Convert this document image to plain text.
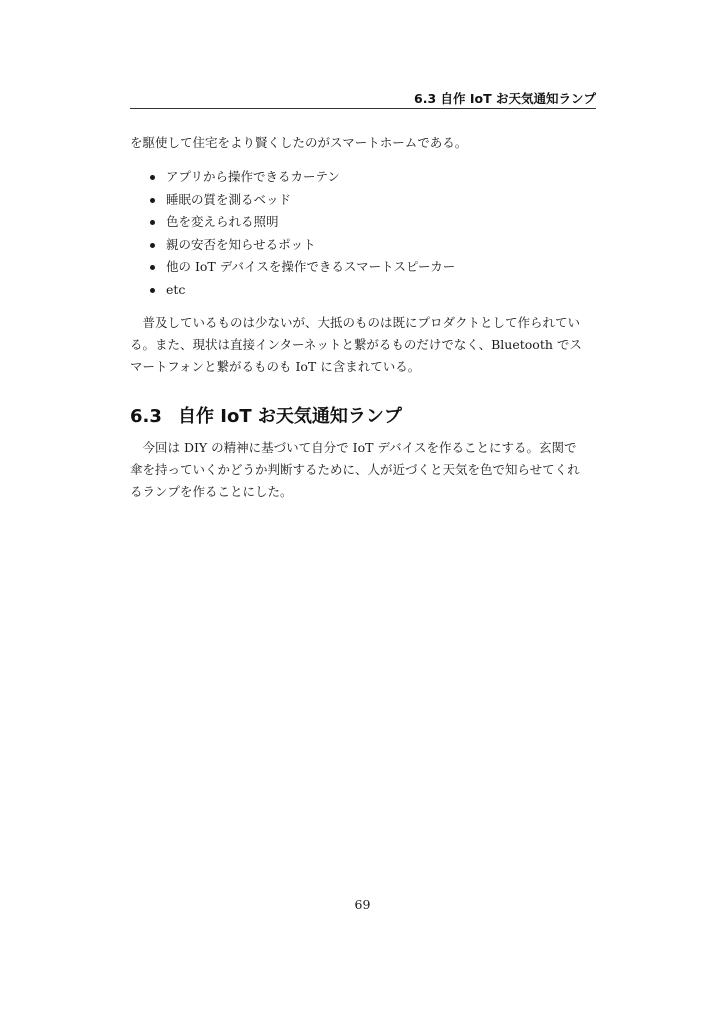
6.3 自作 IoT お天気通知ランプ

を駆使して住宅をより賢くしたのがスマートホームである。

アプリから操作できるカーテン
睡眠の質を測るベッド
色を変えられる照明
親の安否を知らせるポット
他の IoT デバイスを操作できるスマートスピーカー
etc

　普及しているものは少ないが、大抵のものは既にプロダクトとして作られてい
る。また、現状は直接インターネットと繋がるものだけでなく、Bluetooth でス
マートフォンと繋がるものも IoT に含まれている。

6.3 自作 IoT お天気通知ランプ

　今回は DIY の精神に基づいて自分で IoT デバイスを作ることにする。玄関で
傘を持っていくかどうか判断するために、人が近づくと天気を色で知らせてくれ
るランプを作ることにした。

69
